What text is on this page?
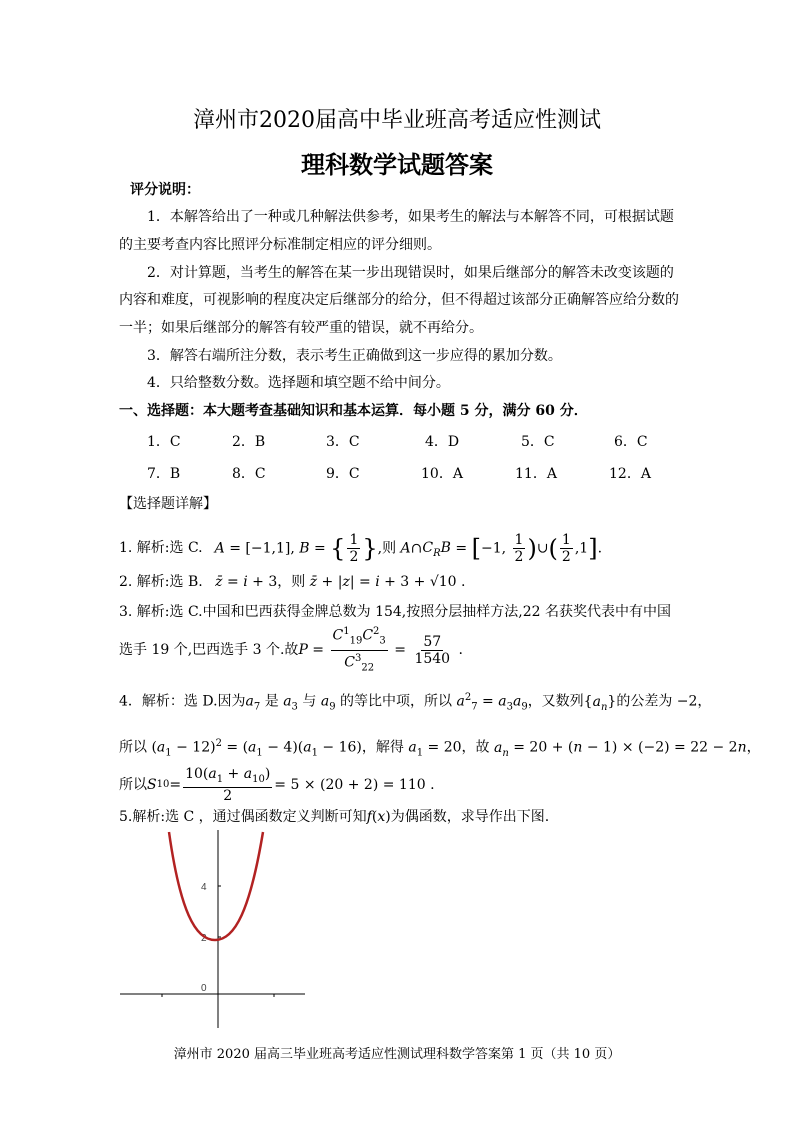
漳州市2020届高中毕业班高考适应性测试
理科数学试题答案
评分说明：
1．本解答给出了一种或几种解法供参考，如果考生的解法与本解答不同，可根据试题
的主要考查内容比照评分标准制定相应的评分细则。
2．对计算题，当考生的解答在某一步出现错误时，如果后继部分的解答未改变该题的
内容和难度，可视影响的程度决定后继部分的给分，但不得超过该部分正确解答应给分数的
一半；如果后继部分的解答有较严重的错误，就不再给分。
3．解答右端所注分数，表示考生正确做到这一步应得的累加分数。
4．只给整数分数。选择题和填空题不给中间分。
一、选择题：本大题考查基础知识和基本运算．每小题 5 分，满分 60 分．
1．C	2．B	3．C	4．D	5．C	6．C
7．B	8．C	9．C	10．A	11．A	12．A
【选择题详解】
1. 解析:选 C. A = [−1,1], B = { $\frac{1}{2}$ },则 $A\cap C_RB = [-1$, $\frac{1}{2}$ )∪( $\frac{1}{2} ,1$].
2. 解析:选 B. z̄ = i + 3，则 z̄ + |z| = i + 3 + √10 .
3. 解析:选 C.中国和巴西获得金牌总数为 154,按照分层抽样方法,22 名获奖代表中有中国
选手 19 个,巴西选手 3 个.故 $P = \frac{C^1_{19}C^2_3}{C^3_{22}} = \frac{57}{1540}$ .
4．解析：选 D.因为$a_7$ 是 $a_3$ 与 $a_9$ 的等比中项，所以 $a^2_7 = a_3a_9$，又数列$\{a_n\}$的公差为 −2，
所以 $(a_1 - 12)^2 = (a_1 - 4)(a_1 - 16)$，解得 $a_1 = 20$，故 $a_n = 20 + (n - 1) \times (-2) = 22 - 2n$，
所以 S $10 = \frac{10(a_1 + a_{10})}{2} = 5 \times (20 + 2) = 110$ .
5.解析:选 C ，通过偶函数定义判断可知f(x)为偶函数，求导作出下图.
4
2
0
漳州市 2020 届高三毕业班高考适应性测试理科数学答案第 1 页（共 10 页）
